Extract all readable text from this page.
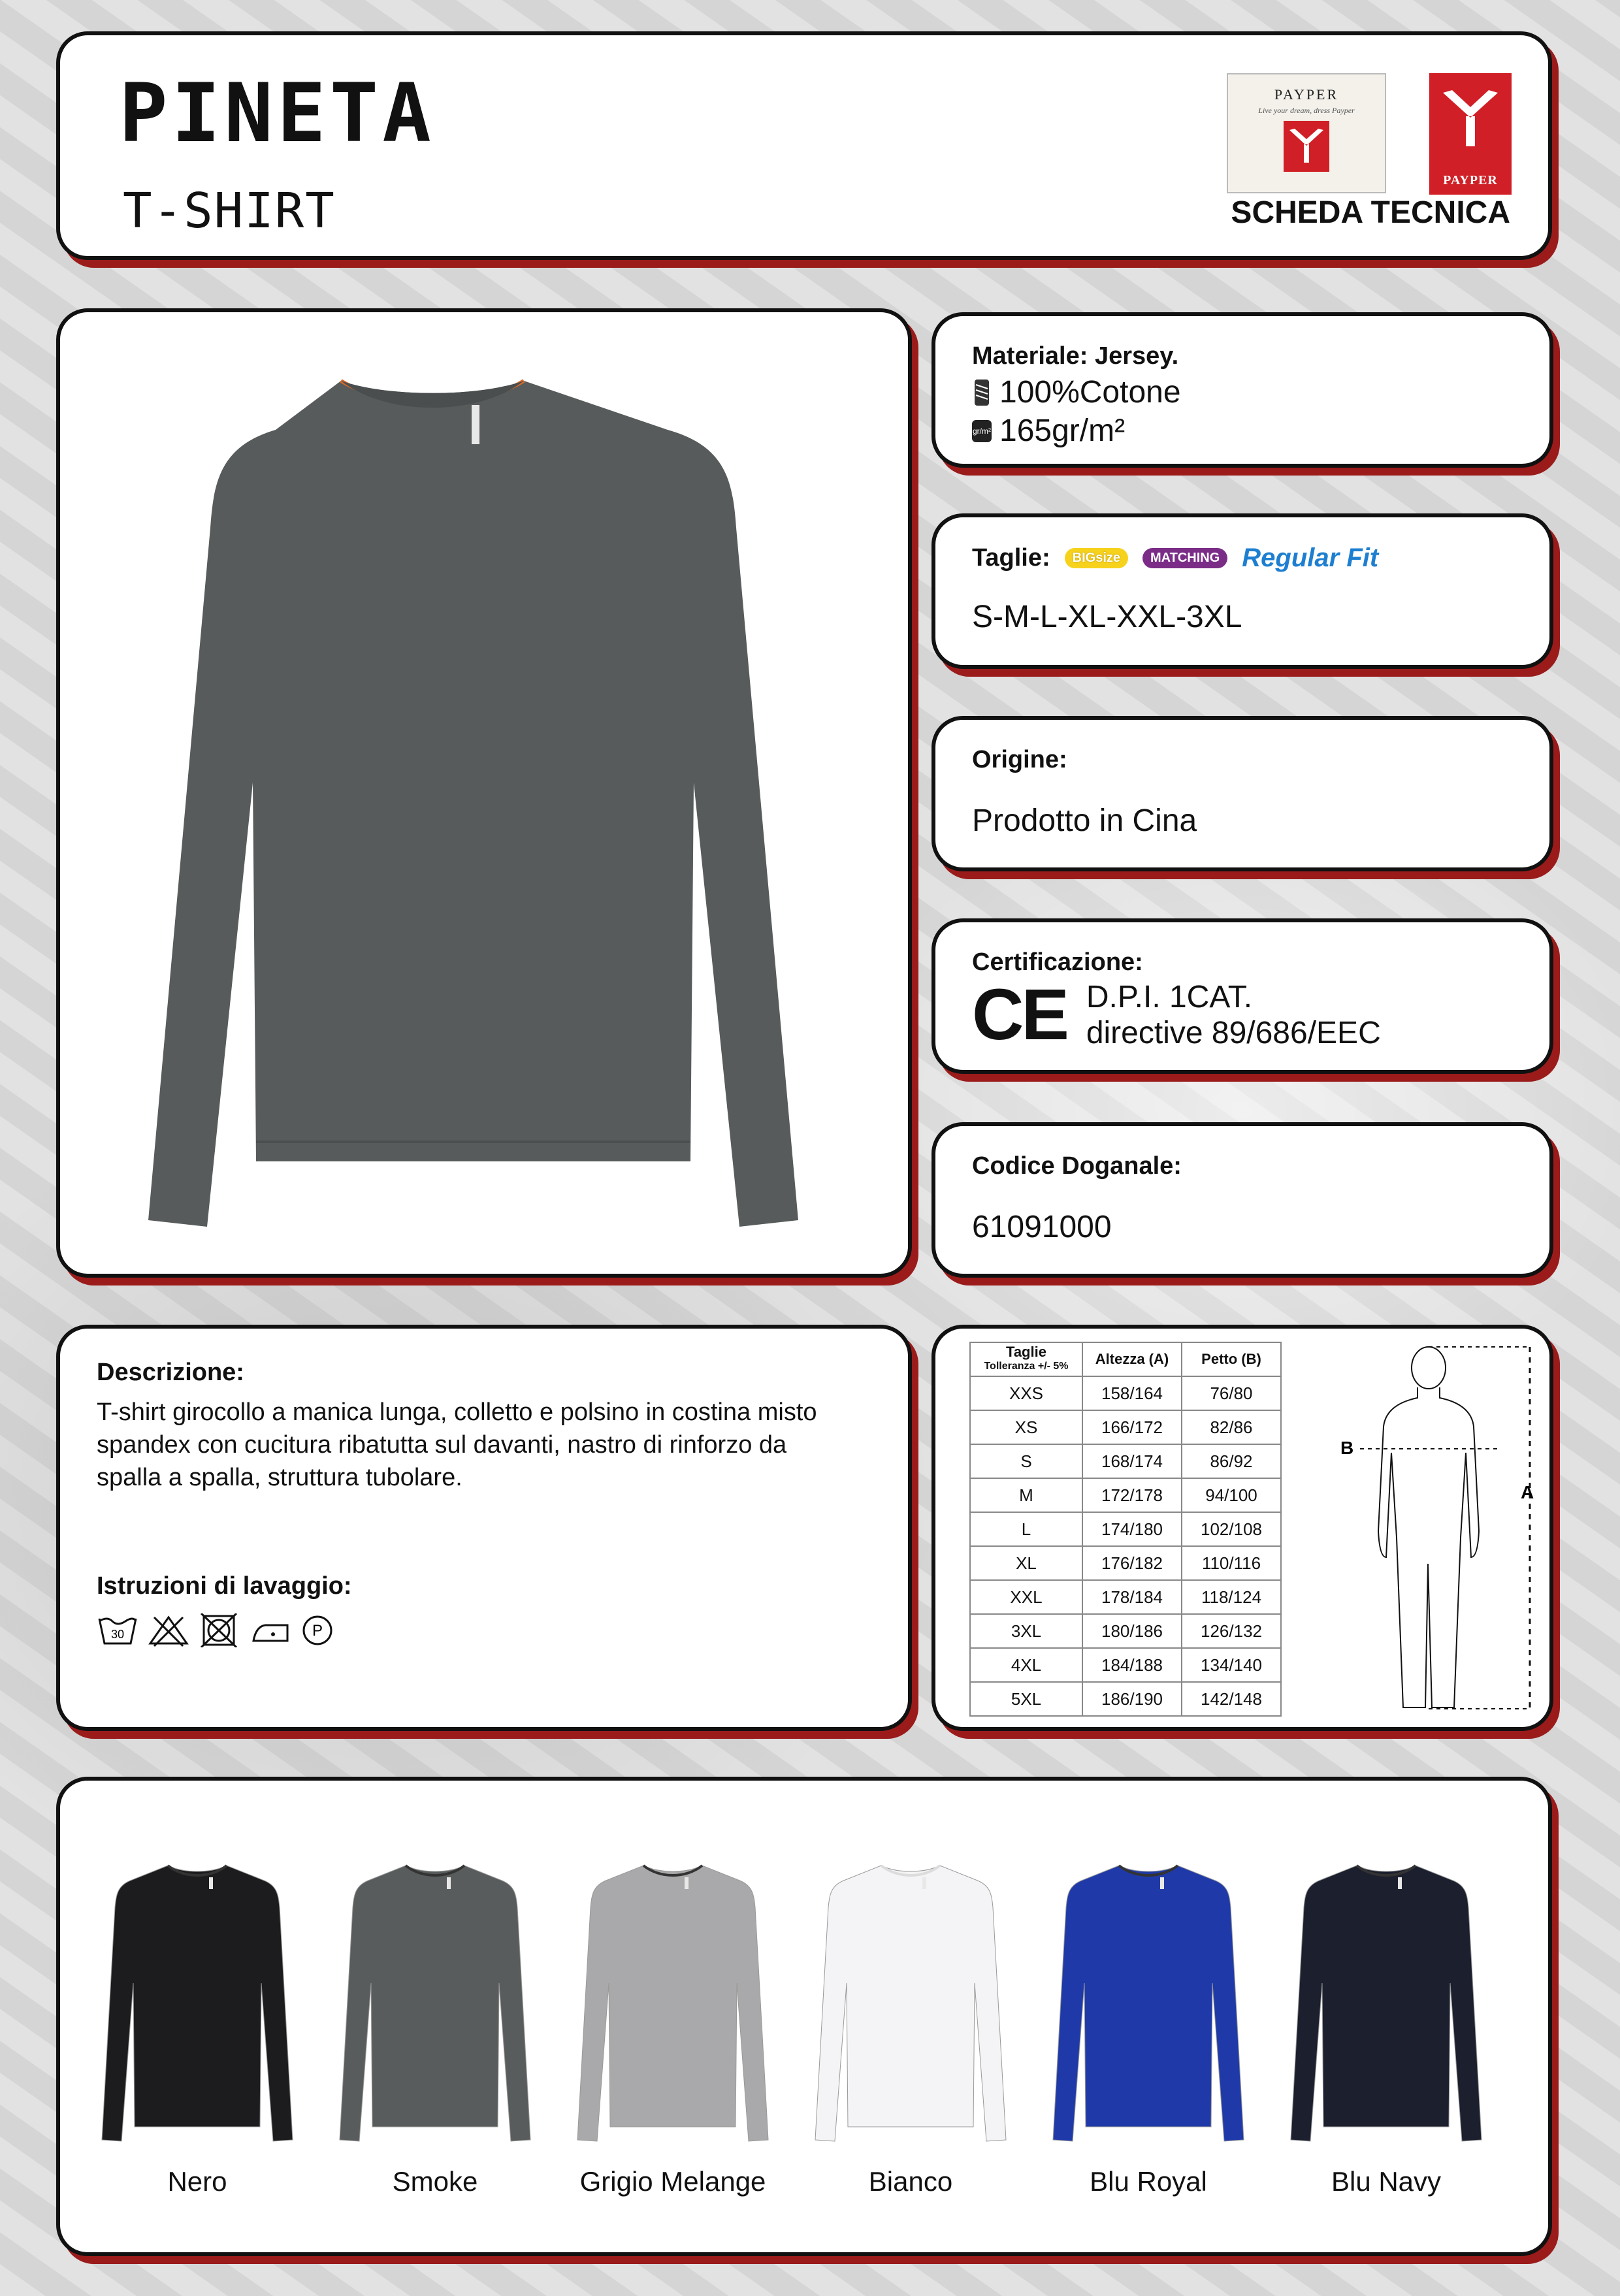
PINETA
T-SHIRT
PAYPER
Live your dream, dress Payper
PAYPER
SCHEDA TECNICA
Materiale: Jersey.
100%Cotone
gr/m² 165gr/m²
Taglie:	BIGsize	MATCHING Regular Fit
S-M-L-XL-XXL-3XL
Origine:
Prodotto in Cina
Certificazione:
CE D.P.I. 1CAT.
directive 89/686/EEC
Codice Doganale:
61091000
Descrizione:
T-shirt girocollo a manica lunga, colletto e polsino in costina misto spandex con cucitura ribatutta sul davanti, nastro di rinforzo da spalla a spalla, struttura tubolare.
Istruzioni di lavaggio:
30	P
Taglie
Tolleranza +/- 5%	Altezza (A)	Petto (B)
XXS	158/164	76/80
XS	166/172	82/86
S	168/174	86/92
M	172/178	94/100
L	174/180	102/108
XL	176/182	110/116
XXL	178/184	118/124
3XL	180/186	126/132
4XL	184/188	134/140
5XL	186/190	142/148
B
A
Nero	Smoke	Grigio Melange	Bianco	Blu Royal	Blu Navy
